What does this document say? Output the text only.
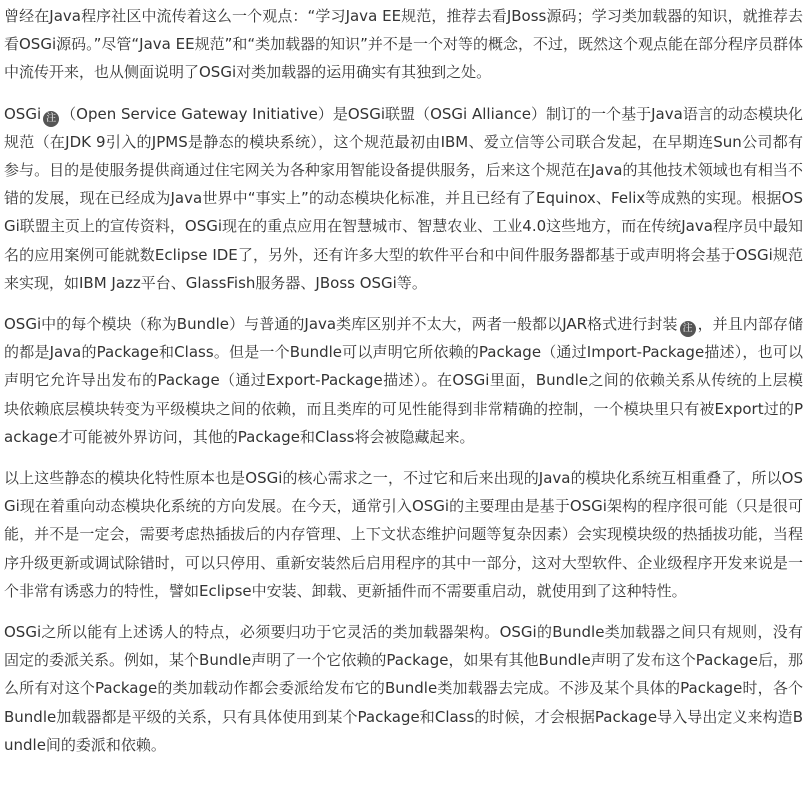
曾经在Java程序社区中流传着这么一个观点：“学习Java EE规范，推荐去看JBoss源码；学习类加载器的知识，就推荐去看OSGi源码。”尽管“Java EE规范”和“类加载器的知识”并不是一个对等的概念，不过，既然这个观点能在部分程序员群体中流传开来，也从侧面说明了OSGi对类加载器的运用确实有其独到之处。

OSGi 注 （Open Service Gateway Initiative）是OSGi联盟（OSGi Alliance）制订的一个基于Java语言的动态模块化规范（在JDK 9引入的JPMS是静态的模块系统），这个规范最初由IBM、爱立信等公司联合发起，在早期连Sun公司都有参与。目的是使服务提供商通过住宅网关为各种家用智能设备提供服务，后来这个规范在Java的其他技术领域也有相当不错的发展，现在已经成为Java世界中“事实上”的动态模块化标准，并且已经有了Equinox、Felix等成熟的实现。根据OSGi联盟主页上的宣传资料，OSGi现在的重点应用在智慧城市、智慧农业、工业4.0这些地方，而在传统Java程序员中最知名的应用案例可能就数Eclipse IDE了，另外，还有许多大型的软件平台和中间件服务器都基于或声明将会基于OSGi规范来实现，如IBM Jazz平台、GlassFish服务器、JBoss OSGi等。

OSGi中的每个模块（称为Bundle）与普通的Java类库区别并不太大，两者一般都以JAR格式进行封装 注 ，并且内部存储的都是Java的Package和Class。但是一个Bundle可以声明它所依赖的Package（通过Import-Package描述），也可以声明它允许导出发布的Package（通过Export-Package描述）。在OSGi里面，Bundle之间的依赖关系从传统的上层模块依赖底层模块转变为平级模块之间的依赖，而且类库的可见性能得到非常精确的控制，一个模块里只有被Export过的Package才可能被外界访问，其他的Package和Class将会被隐藏起来。

以上这些静态的模块化特性原本也是OSGi的核心需求之一，不过它和后来出现的Java的模块化系统互相重叠了，所以OSGi现在着重向动态模块化系统的方向发展。在今天，通常引入OSGi的主要理由是基于OSGi架构的程序很可能（只是很可能，并不是一定会，需要考虑热插拔后的内存管理、上下文状态维护问题等复杂因素）会实现模块级的热插拔功能，当程序升级更新或调试除错时，可以只停用、重新安装然后启用程序的其中一部分，这对大型软件、企业级程序开发来说是一个非常有诱惑力的特性，譬如Eclipse中安装、卸载、更新插件而不需要重启动，就使用到了这种特性。

OSGi之所以能有上述诱人的特点，必须要归功于它灵活的类加载器架构。OSGi的Bundle类加载器之间只有规则，没有固定的委派关系。例如，某个Bundle声明了一个它依赖的Package，如果有其他Bundle声明了发布这个Package后，那么所有对这个Package的类加载动作都会委派给发布它的Bundle类加载器去完成。不涉及某个具体的Package时，各个Bundle加载器都是平级的关系，只有具体使用到某个Package和Class的时候，才会根据Package导入导出定义来构造Bundle间的委派和依赖。
